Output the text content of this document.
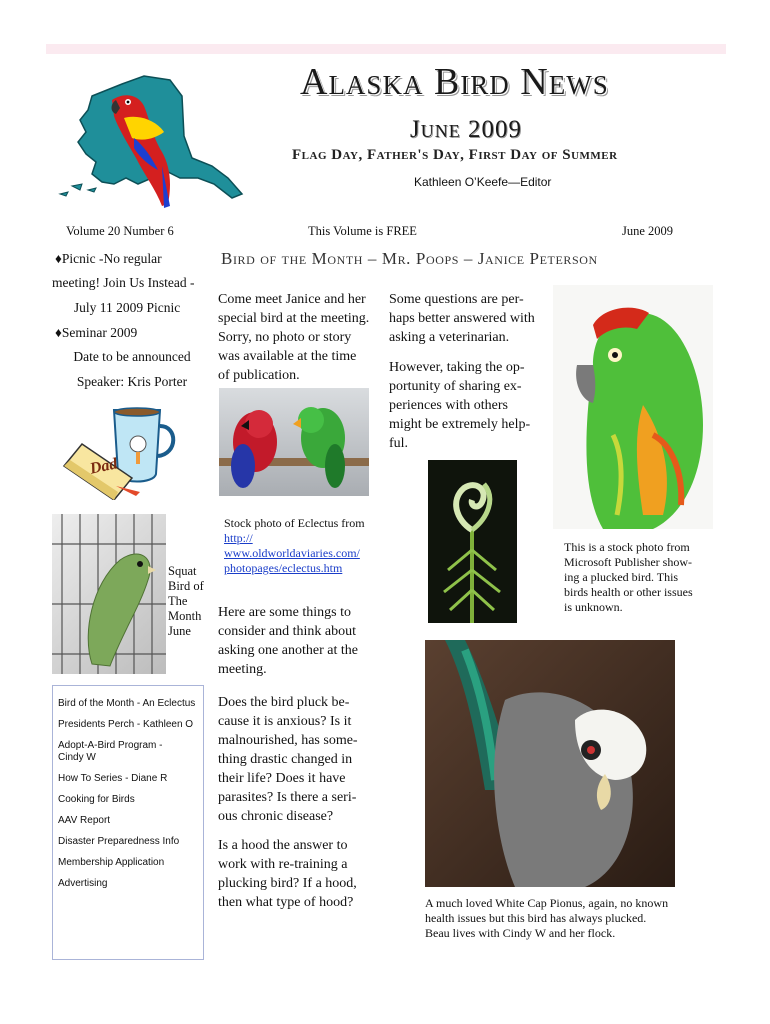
Alaska Bird News
June 2009
Flag Day, Father's Day, First Day of Summer
Kathleen O’Keefe—Editor
Volume 20 Number 6	This Volume is FREE	June 2009
♦Picnic -No regular
meeting! Join Us Instead -
July 11 2009 Picnic
♦Seminar 2009
Date to be announced
Speaker: Kris Porter
Dad
Squat
Bird of
The
Month
June
Bird of the Month - An Eclectus
Presidents Perch - Kathleen O
Adopt-A-Bird Program -
Cindy W
How To Series - Diane R
Cooking for Birds
AAV Report
Disaster Preparedness Info
Membership Application
Advertising
Bird of the Month – Mr. Poops – Janice Peterson
Come meet Janice and her
special bird at the meeting.
Sorry, no photo or story
was available at the time
of publication.
Some questions are per-
haps better answered with
asking a veterinarian.
However, taking the op-
portunity of sharing ex-
periences with others
might be extremely help-
ful.
Stock photo of Eclectus from
http://
www.oldworldaviaries.com/
photopages/eclectus.htm
This is a stock photo from
Microsoft Publisher show-
ing a plucked bird. This
birds health or other issues
is unknown.
Here are some things to
consider and think about
asking one another at the
meeting.
Does the bird pluck be-
cause it is anxious? Is it
malnourished, has some-
thing drastic changed in
their life? Does it have
parasites? Is there a seri-
ous chronic disease?
Is a hood the answer to
work with re-training a
plucking bird? If a hood,
then what type of hood?	A much loved White Cap Pionus, again, no known
health issues but this bird has always plucked.
Beau lives with Cindy W and her flock.
